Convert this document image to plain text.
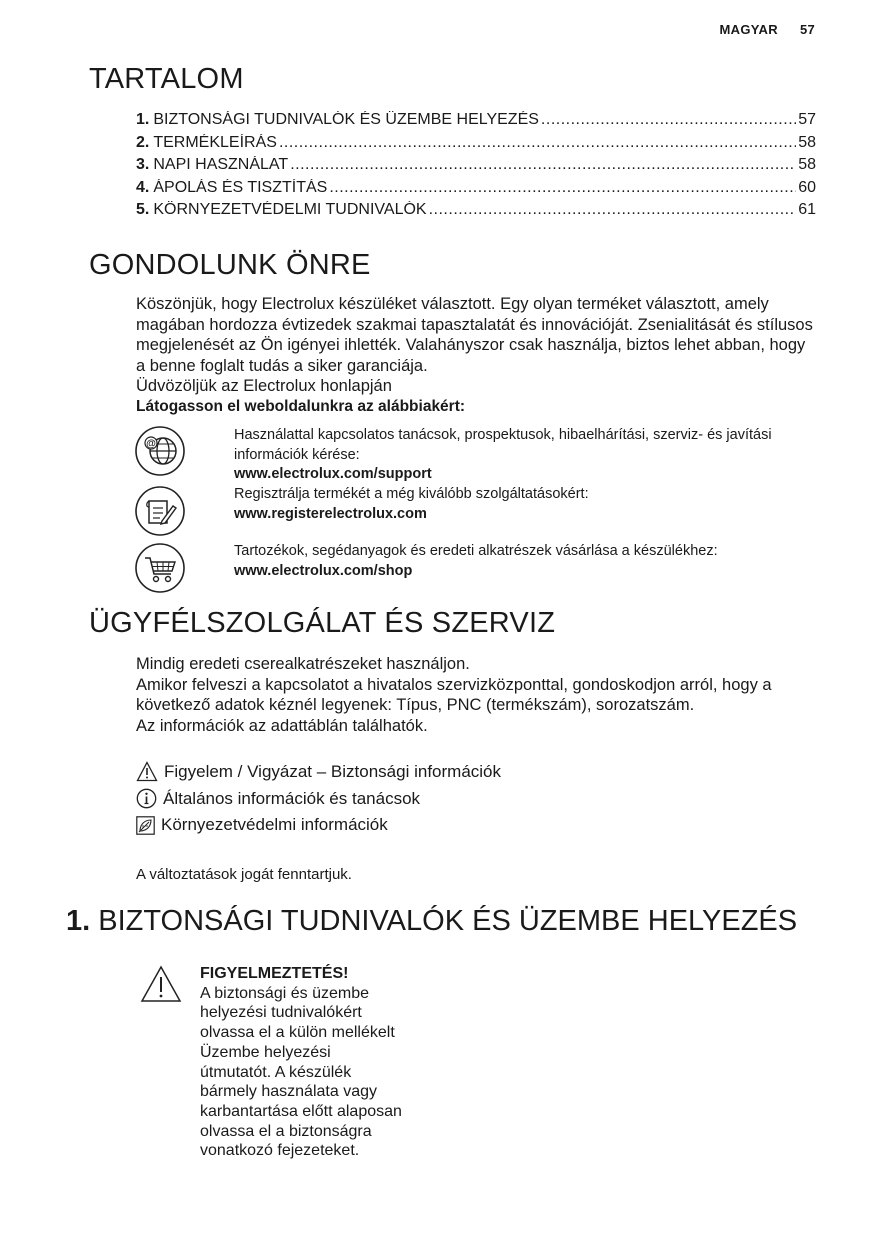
MAGYAR 57
TARTALOM
1. BIZTONSÁGI TUDNIVALÓK ÉS ÜZEMBE HELYEZÉS .....	57
2. TERMÉKLEÍRÁS .....	58
3. NAPI HASZNÁLAT .....	58
4. ÁPOLÁS ÉS TISZTÍTÁS .....	60
5. KÖRNYEZETVÉDELMI TUDNIVALÓK .....	61
GONDOLUNK ÖNRE

Köszönjük, hogy Electrolux készüléket választott. Egy olyan terméket választott, amely magában hordozza évtizedek szakmai tapasztalatát és innovációját. Zsenialitását és stílusos megjelenését az Ön igényei ihlették. Valahányszor csak használja, biztos lehet abban, hogy a benne foglalt tudás a siker garanciája.

Üdvözöljük az Electrolux honlapján

Látogasson el weboldalunkra az alábbiakért:

@
Használattal kapcsolatos tanácsok, prospektusok, hibaelhárítási, szerviz- és javítási információk kérése:
www.electrolux.com/support
Regisztrálja termékét a még kiválóbb szolgáltatásokért:
www.registerelectrolux.com
Tartozékok, segédanyagok és eredeti alkatrészek vásárlása a készülékhez:
www.electrolux.com/shop
ÜGYFÉLSZOLGÁLAT ÉS SZERVIZ

Mindig eredeti cserealkatrészeket használjon.

Amikor felveszi a kapcsolatot a hivatalos szervizközponttal, gondoskodjon arról, hogy a következő adatok kéznél legyenek: Típus, PNC (termékszám), sorozatszám.

Az információk az adattáblán találhatók.

Figyelem / Vigyázat – Biztonsági információk
Általános információk és tanácsok
Környezetvédelmi információk
A változtatások jogát fenntartjuk.
1. BIZTONSÁGI TUDNIVALÓK ÉS ÜZEMBE HELYEZÉS
FIGYELMEZTETÉS!
A biztonsági és üzembe
helyezési tudnivalókért
olvassa el a külön mellékelt
Üzembe helyezési
útmutatót. A készülék
bármely használata vagy
karbantartása előtt alaposan
olvassa el a biztonságra
vonatkozó fejezeteket.
